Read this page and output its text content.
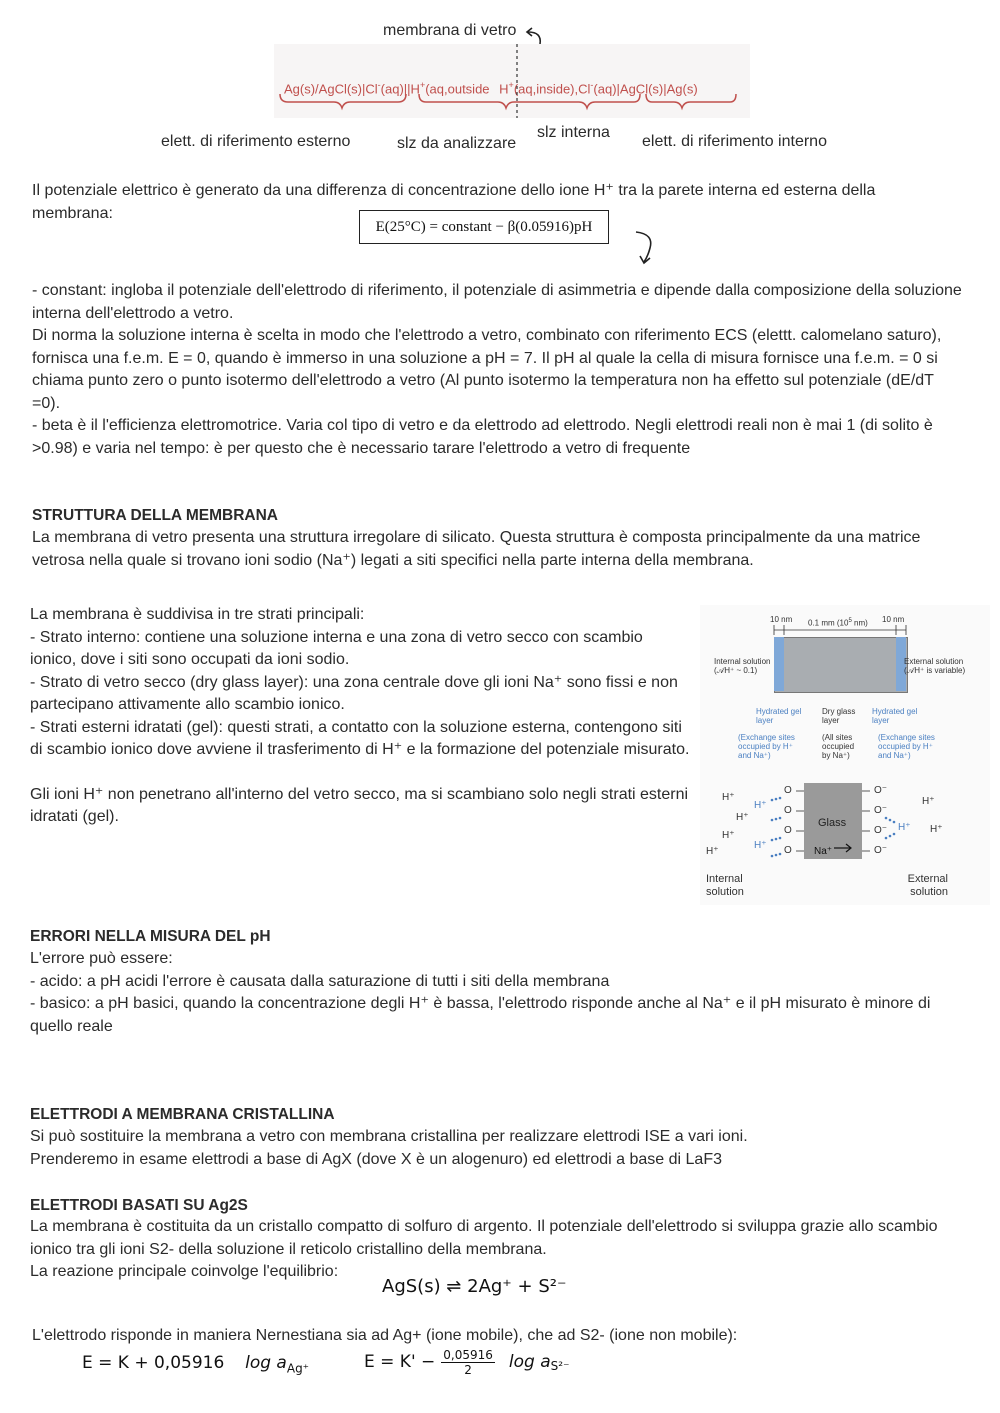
membrana di vetro
Ag(s)/AgCl(s)|Cl-(aq)||H+(aq,outside H+(aq,inside),Cl-(aq)|AgCl(s)|Ag(s)
elett. di riferimento esterno	slz da analizzare
slz interna
elett. di riferimento interno
Il potenziale elettrico è generato da una differenza di concentrazione dello ione H⁺ tra la parete interna ed esterna della membrana:
E(25°C) = constant − β(0.05916)pH
- constant: ingloba il potenziale dell'elettrodo di riferimento, il potenziale di asimmetria e dipende dalla composizione della soluzione interna dell'elettrodo a vetro.
Di norma la soluzione interna è scelta in modo che l'elettrodo a vetro, combinato con riferimento ECS (elettt. calomelano saturo), fornisca una f.e.m. E = 0, quando è immerso in una soluzione a pH = 7. Il pH al quale la cella di misura fornisce una f.e.m. = 0 si chiama punto zero o punto isotermo dell'elettrodo a vetro (Al punto isotermo la temperatura non ha effetto sul potenziale (dE/dT =0).
- beta è il l'efficienza elettromotrice. Varia col tipo di vetro e da elettrodo ad elettrodo. Negli elettrodi reali non è mai 1 (di solito è >0.98) e varia nel tempo: è per questo che è necessario tarare l'elettrodo a vetro di frequente
STRUTTURA DELLA MEMBRANA
La membrana di vetro presenta una struttura irregolare di silicato. Questa struttura è composta principalmente da una matrice vetrosa nella quale si trovano ioni sodio (Na⁺) legati a siti specifici nella parte interna della membrana.
La membrana è suddivisa in tre strati principali:
- Strato interno: contiene una soluzione interna e una zona di vetro secco con scambio ionico, dove i siti sono occupati da ioni sodio.
- Strato di vetro secco (dry glass layer): una zona centrale dove gli ioni Na⁺ sono fissi e non partecipano attivamente allo scambio ionico.
- Strati esterni idratati (gel): questi strati, a contatto con la soluzione esterna, contengono siti di scambio ionico dove avviene il trasferimento di H⁺ e la formazione del potenziale misurato.
Gli ioni H⁺ non penetrano all'interno del vetro secco, ma si scambiano solo negli strati esterni idratati (gel).
10 nm 0.1 mm ($10^5$ nm) 10 nm
Internal solution
(𝒜H⁺ ~ 0.1)
External solution
(𝒜H⁺ is variable)
Hydrated gel layer
Dry glass layer
Hydrated gel layer
(Exchange sites occupied by H⁺ and Na⁺)
(All sites occupied by Na⁺)
(Exchange sites occupied by H⁺ and Na⁺)
Glass
Na⁺
O
O
O
O
O⁻
O⁻
O⁻
O⁻
H⁺
H⁺
H⁺
H⁺
H⁺
H⁺
H⁺
H⁺ H⁺
Internal solution
External solution
ERRORI NELLA MISURA DEL pH
L'errore può essere:
- acido: a pH acidi l'errore è causata dalla saturazione di tutti i siti della membrana
- basico: a pH basici, quando la concentrazione degli H⁺ è bassa, l'elettrodo risponde anche al Na⁺ e il pH misurato è minore di quello reale
ELETTRODI A MEMBRANA CRISTALLINA
Si può sostituire la membrana a vetro con membrana cristallina per realizzare elettrodi ISE a vari ioni.
Prenderemo in esame elettrodi a base di AgX (dove X è un alogenuro) ed elettrodi a base di LaF3
ELETTRODI BASATI SU Ag2S
La membrana è costituita da un cristallo compatto di solfuro di argento. Il potenziale dell'elettrodo si sviluppa grazie allo scambio ionico tra gli ioni S2- della soluzione il reticolo cristallino della membrana.
La reazione principale coinvolge l'equilibrio:
AgS(s) ⇌ 2Ag⁺ + S²⁻
L'elettrodo risponde in maniera Nernestiana sia ad Ag+ (ione mobile), che ad S2- (ione non mobile):
E = K + 0,05916 $\log a_{Ag^+}$	$E = K' - \frac{0,05916}{2}$ $\log a_{S^{2-}}$
